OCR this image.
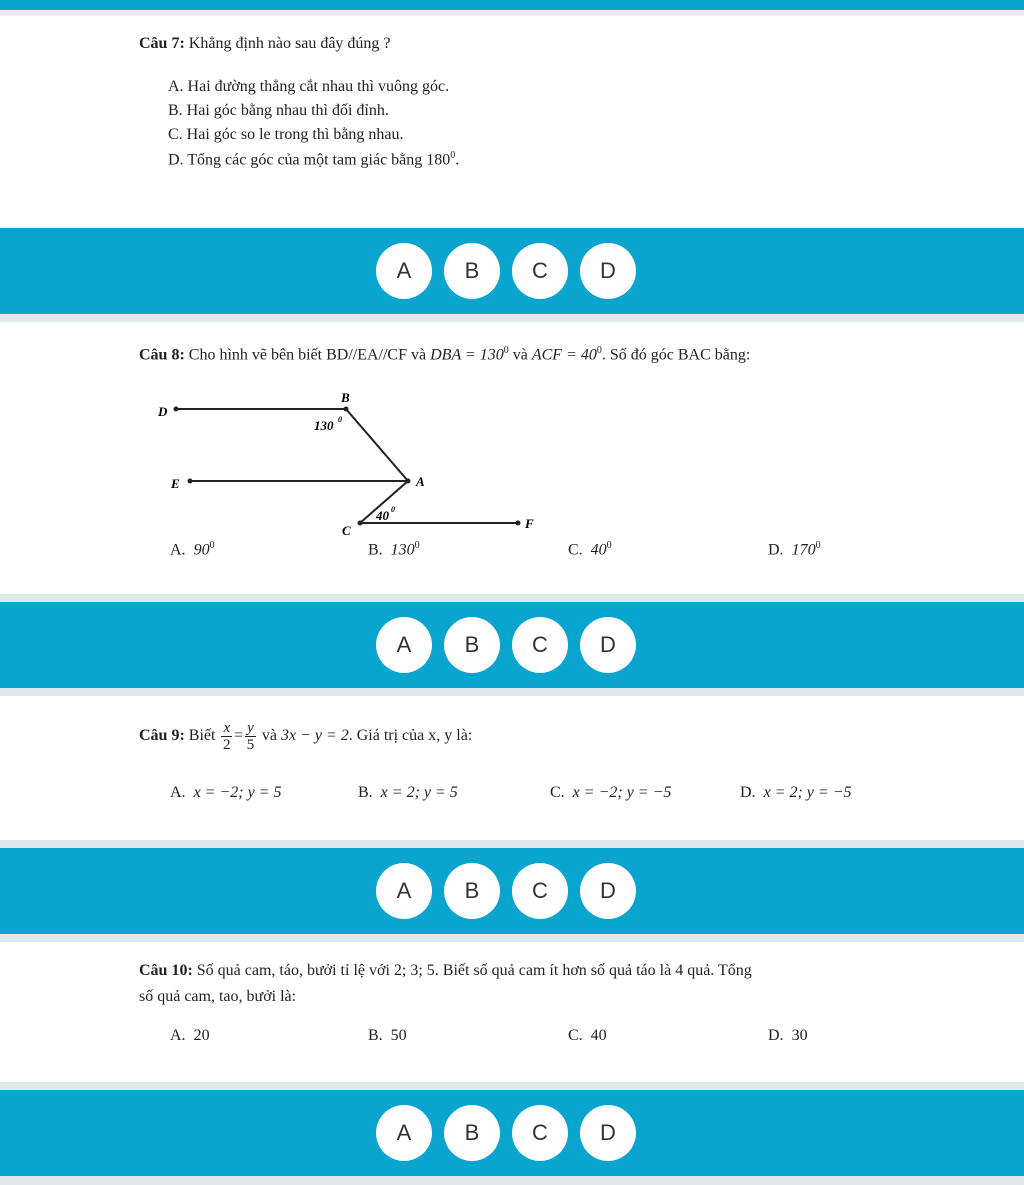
Câu 7: Khẳng định nào sau đây đúng ?
A. Hai đường thẳng cắt nhau thì vuông góc.
B. Hai góc bằng nhau thì đối đỉnh.
C. Hai góc so le trong thì bằng nhau.
D. Tổng các góc của một tam giác bằng $180^0$.
A	B	C	D
Câu 8: Cho hình vẽ bên biết BD//EA//CF và DBA = $130^0$ và ACF = $40^0$. Số đó góc BAC bằng:
D
B
E	A
C	F
130 0
40 0
A. $90^0$	B. $130^0$	C. $40^0$	D. $170^0$
A	B	C	D
Câu 9: Biết $\frac{x}{2} = \frac{y}{5}$ và 3x − y = 2. Giá trị của x, y là:
A. x = −2; y = 5	B. x = 2; y = 5	C. x = −2; y = −5	D. x = 2; y = −5
A	B	C	D
Câu 10: Số quả cam, táo, bưởi tỉ lệ với 2; 3; 5. Biết số quả cam ít hơn số quả táo là 4 quả. Tổng
số quả cam, tao, bưởi là:
A. 20	B. 50	C. 40	D. 30
A	B	C	D
